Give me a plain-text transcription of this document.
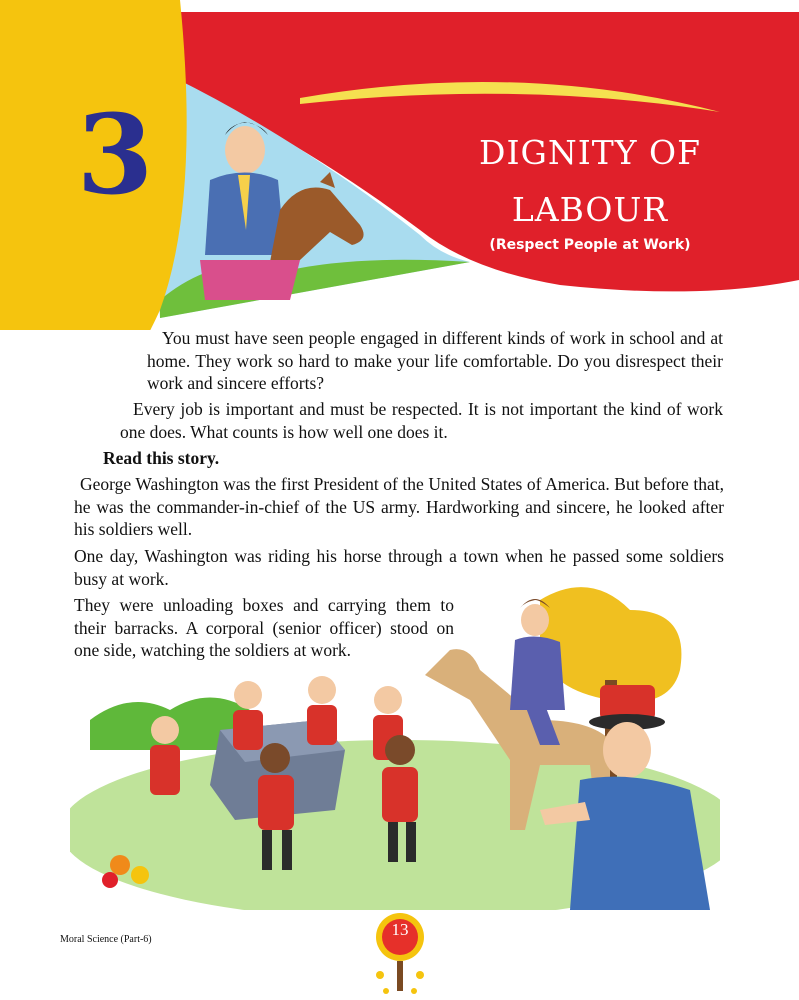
3	DIGNITY OF
LABOUR
(Respect People at Work)
You must have seen people engaged in different kinds of work in school and at home. They work so hard to make your life comfortable. Do you disrespect their work and sincere efforts?
Every job is important and must be respected. It is not important the kind of work one does. What counts is how well one does it.
Read this story.
George Washington was the first President of the United States of America. But before that, he was the commander-in-chief of the US army. Hardworking and sincere, he looked after his soldiers well.
One day, Washington was riding his horse through a town when he passed some soldiers busy at work.
They were unloading boxes and carrying them to their barracks. A corporal (senior officer) stood on one side, watching the soldiers at work.
Moral Science (Part-6)
13
